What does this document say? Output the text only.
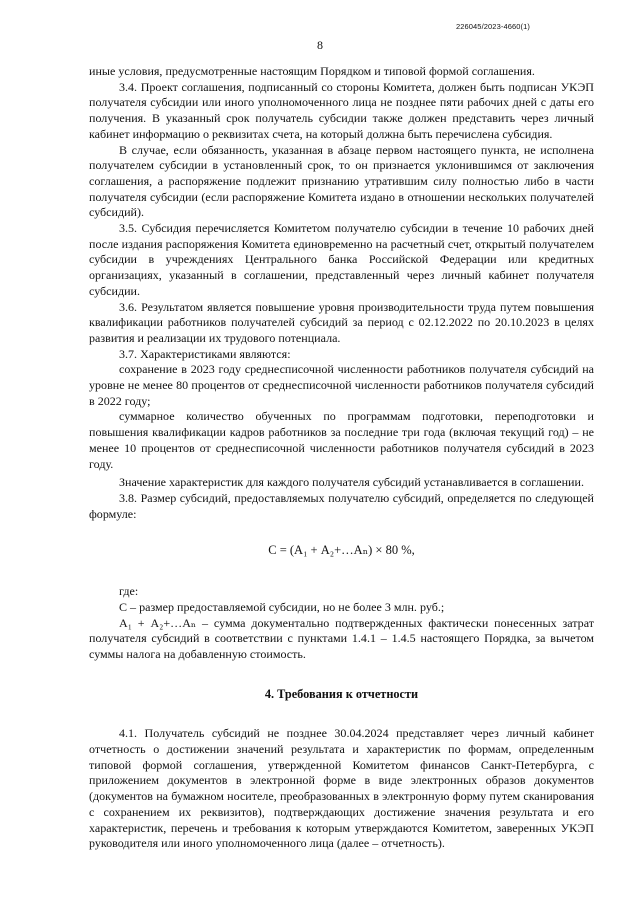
226045/2023-4660(1)
8

иные условия, предусмотренные настоящим Порядком и типовой формой соглашения.

3.4. Проект соглашения, подписанный со стороны Комитета, должен быть подписан УКЭП получателя субсидии или иного уполномоченного лица не позднее пяти рабочих дней с даты его получения. В указанный срок получатель субсидии также должен представить через личный кабинет информацию о реквизитах счета, на который должна быть перечислена субсидия.

В случае, если обязанность, указанная в абзаце первом настоящего пункта, не исполнена получателем субсидии в установленный срок, то он признается уклонившимся от заключения соглашения, а распоряжение подлежит признанию утратившим силу полностью либо в части получателя субсидии (если распоряжение Комитета издано в отношении нескольких получателей субсидий).

3.5. Субсидия перечисляется Комитетом получателю субсидии в течение 10 рабочих дней после издания распоряжения Комитета единовременно на расчетный счет, открытый получателем субсидии в учреждениях Центрального банка Российской Федерации или кредитных организациях, указанный в соглашении, представленный через личный кабинет получателя субсидии.

3.6. Результатом является повышение уровня производительности труда путем повышения квалификации работников получателей субсидий за период с 02.12.2022 по 20.10.2023 в целях развития и реализации их трудового потенциала.

3.7. Характеристиками являются:

сохранение в 2023 году среднесписочной численности работников получателя субсидий на уровне не менее 80 процентов от среднесписочной численности работников получателя субсидий в 2022 году;

суммарное количество обученных по программам подготовки, переподготовки и повышения квалификации кадров работников за последние три года (включая текущий год) – не менее 10 процентов от среднесписочной численности работников получателя субсидий в 2023 году.

Значение характеристик для каждого получателя субсидий устанавливается в соглашении.

3.8. Размер субсидий, предоставляемых получателю субсидий, определяется по следующей формуле:

С = (А₁ + А₂+…Аₙ) × 80 %,

где:

С – размер предоставляемой субсидии, но не более 3 млн. руб.;

А₁ + А₂+…Аₙ – сумма документально подтвержденных фактически понесенных затрат получателя субсидий в соответствии с пунктами 1.4.1 – 1.4.5 настоящего Порядка, за вычетом суммы налога на добавленную стоимость.

4. Требования к отчетности

4.1. Получатель субсидий не позднее 30.04.2024 представляет через личный кабинет отчетность о достижении значений результата и характеристик по формам, определенным типовой формой соглашения, утвержденной Комитетом финансов Санкт-Петербурга, с приложением документов в электронной форме в виде электронных образов документов (документов на бумажном носителе, преобразованных в электронную форму путем сканирования с сохранением их реквизитов), подтверждающих достижение значения результата и его характеристик, перечень и требования к которым утверждаются Комитетом, заверенных УКЭП руководителя или иного уполномоченного лица (далее – отчетность).
